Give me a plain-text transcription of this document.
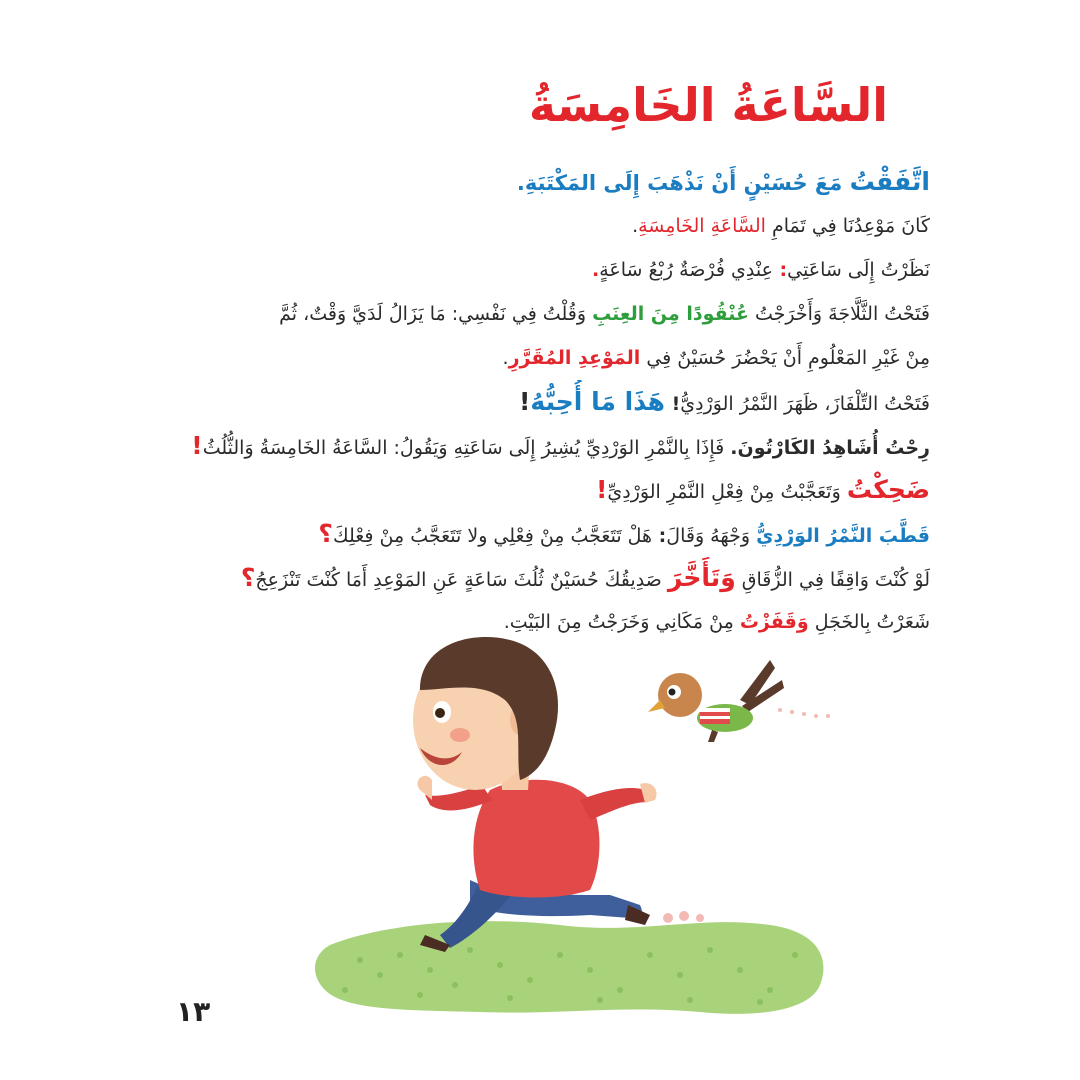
السَّاعَةُ الخَامِسَةُ
اتَّفَقْتُ مَعَ حُسَيْنٍ أَنْ نَذْهَبَ إِلَى المَكْتَبَةِ.
كَانَ مَوْعِدُنَا فِي تَمَامِ السَّاعَةِ الخَامِسَةِ.
نَظَرْتُ إِلَى سَاعَتِي: عِنْدِي فُرْصَةٌ رُبْعُ سَاعَةٍ.
فَتَحْتُ الثَّلَّاجَةَ وَأَخْرَجْتُ عُنْقُودًا مِنَ العِنَبِ وَقُلْتُ فِي نَفْسِي: مَا يَزَالُ لَدَيَّ وَقْتٌ، ثُمَّ
مِنْ غَيْرِ المَعْلُومِ أَنْ يَحْضُرَ حُسَيْنٌ فِي المَوْعِدِ المُقَرَّرِ.
فَتَحْتُ التِّلْفَازَ، ظَهَرَ النَّمْرُ الوَرْدِيُّ! هَذَا مَا أُحِبُّهُ!
رِحْتُ أُشَاهِدُ الكَارْتُونَ. فَإِذَا بِالنَّمْرِ الوَرْدِيِّ يُشِيرُ إِلَى سَاعَتِهِ وَيَقُولُ: السَّاعَةُ الخَامِسَةُ وَالثُّلُثُ!
ضَحِكْتُ وَتَعَجَّبْتُ مِنْ فِعْلِ النَّمْرِ الوَرْدِيِّ!
قَطَّبَ النَّمْرُ الوَرْدِيُّ وَجْهَهُ وَقَالَ: هَلْ تَتَعَجَّبُ مِنْ فِعْلِي ولا تَتَعَجَّبُ مِنْ فِعْلِكَ؟
لَوْ كُنْتَ وَاقِفًا فِي الزُّقَاقِ وَتَأَخَّرَ صَدِيقُكَ حُسَيْنٌ ثُلُثَ سَاعَةٍ عَنِ المَوْعِدِ أَمَا كُنْتَ تَنْزَعِجُ؟
شَعَرْتُ بِالخَجَلِ وَقَفَزْتُ مِنْ مَكَانِي وَخَرَجْتُ مِنَ البَيْتِ.
١٣
